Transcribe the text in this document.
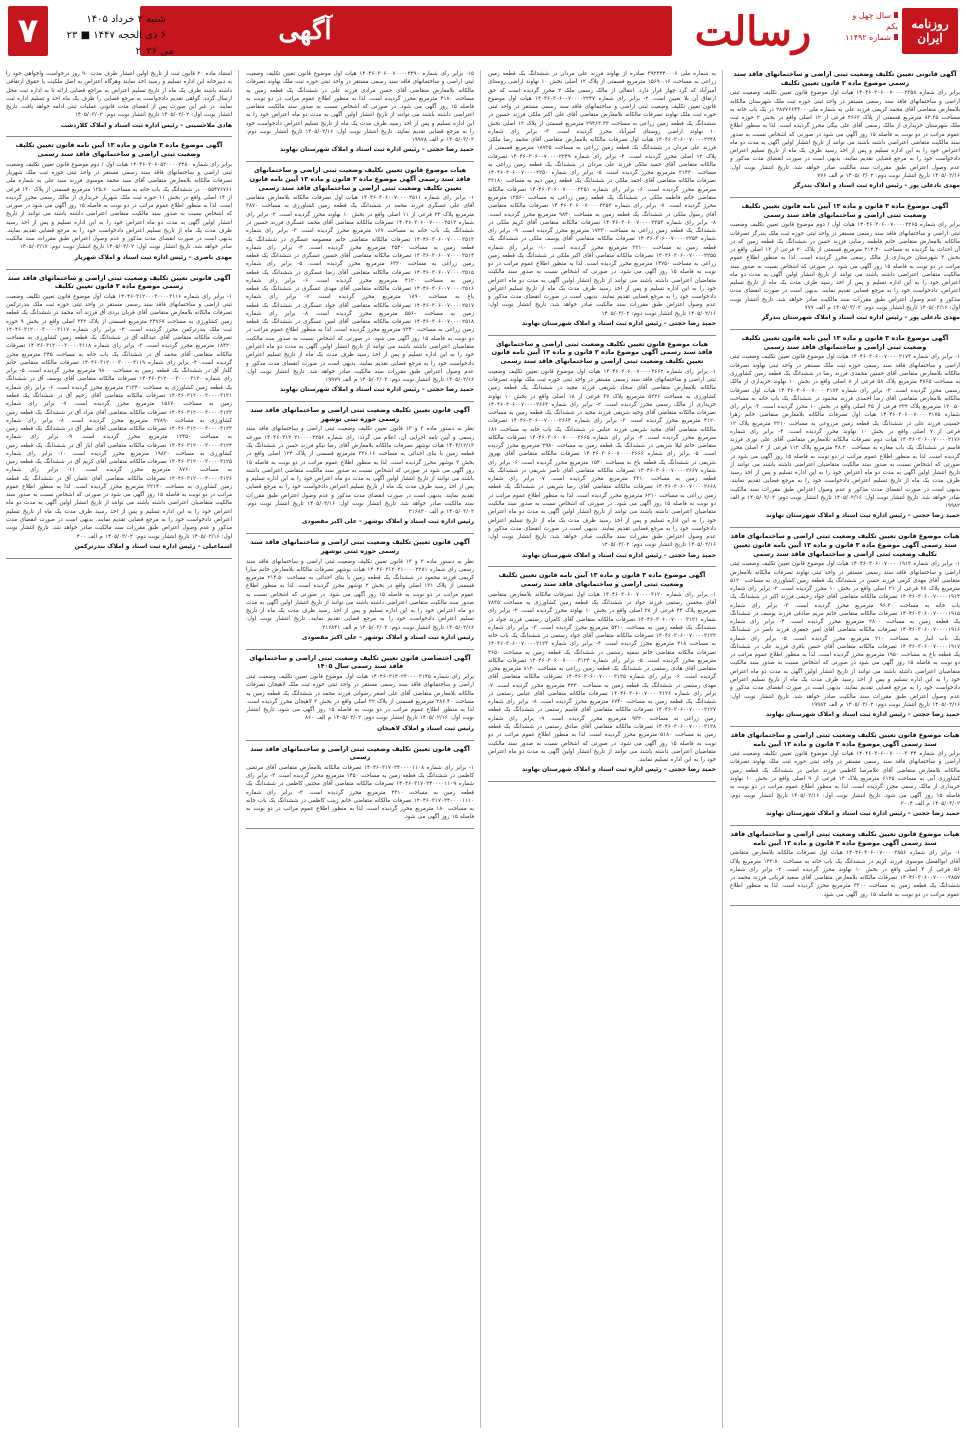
روزنامه
ایران
سال چهل و یکم
شماره ۱۱۴۹۲
رسالت
آگهی
شنبه ۲ خرداد ۱۴۰۵
۶ ذی الحجه ۱۴۴۷ ■ ۲۳ می ۲۰۲۶
۷
آگهی قانونی تعیین تکلیف وضعیت ثبتی اراضی و ساختمانهای فاقد سند رسمی موضوع ماده ۳ قانون تعیین تکلیف
برابر رای شماره ۱۴۰۴۶۰۳۰۶۰۰۷۰۰۰۰۲۳۵۸ هیات اول موضوع قانون تعیین تکلیف وضعیت ثبتی اراضی و ساختمانهای فاقد سند رسمی مستقر در واحد ثبتی حوزه ثبت ملک شهرستان مالکانه بلامعارض متقاضی آقای محمد کریمی فرزند علی به شماره ملی ۲۸۷۷۶۶۴۳۰۰ در یک باب خانه به مساحت ۸۳.۲۵ مترمربع قسمتی از پلاک ۴۶۶۲ فرعی از ۱۲ اصلی واقع در بخش ۲ حوزه ثبت ملک شهرستان خریداری از مالک رسمی آقای علی بیگی محرز گردیده است. لذا به منظور اطلاع عموم مراتب در دو نوبت به فاصله ۱۵ روز آگهی می شود در صورتی که اشخاص نسبت به صدور سند مالکیت متقاضی اعتراضی داشته باشند می توانند از تاریخ انتشار اولین آگهی به مدت دو ماه اعتراض خود را به این اداره تسلیم و پس از اخذ رسید ظرف یک ماه از تاریخ تسلیم اعتراض دادخواست خود را به مرجع قضایی تقدیم نمایند. بدیهی است در صورت انقضای مدت مذکور و عدم وصول اعتراض طبق مقررات سند مالکیت صادر خواهد شد. تاریخ انتشار نوبت اول: ۱۴۰۵/۰۲/۱۶ تاریخ انتشار نوبت دوم: ۱۴۰۵/۰۳/۰۲ م الف ۷۷۶
مهدی نادعلی پور – رئیس اداره ثبت اسناد و املاک بندرگز
آگهی موضوع ماده ۳ قانون و ماده ۱۳ آیین نامه قانون تعیین تکلیف وضعیت ثبتی اراضی و ساختمانهای فاقد سند رسمی
برابر رای شماره ۱۴۰۴۶۰۳۰۶۰۰۷۰۰۰۰۲۲۶۵ هیات اول / دوم موضوع قانون تعیین تکلیف وضعیت ثبتی اراضی و ساختمانهای فاقد سند رسمی مستقر در واحد ثبتی حوزه ثبت ملک بندرگز تصرفات مالکانه بلامعارض متقاضی خانم فاطمه رضایی فرزند حسن در ششدانگ یک قطعه زمین که در آن احداث بنا گردیده به مساحت ۲۱۲.۴۰ مترمربع قسمتی از پلاک ۲۰ فرعی از ۱۳ اصلی واقع در بخش ۳ شهرستان خریداری از مالک رسمی محرز گردیده است. لذا به منظور اطلاع عموم مراتب در دو نوبت به فاصله ۱۵ روز آگهی می شود. در صورتی که اشخاص نسبت به صدور سند مالکیت متقاضی اعتراضی داشته باشند می توانند از تاریخ انتشار اولین آگهی به مدت دو ماه اعتراض خود را به این اداره تسلیم و پس از اخذ رسید ظرف مدت یک ماه از تاریخ تسلیم اعتراض، دادخواست خود را به مرجع قضایی تقدیم نمایند. بدیهی است در صورت انقضای مدت مذکور و عدم وصول اعتراض طبق مقررات سند مالکیت صادر خواهد شد. تاریخ انتشار نوبت اول: ۱۴۰۵/۰۲/۱۶ تاریخ انتشار نوبت دوم: ۱۴۰۵/۰۳/۰۲ م الف ۷۷۷
مهدی نادعلی پور – رئیس اداره ثبت اسناد و املاک شهرستان بندرگز
آگهی موضوع ماده ۳ قانون و ماده ۱۳ آیین نامه قانون تعیین تکلیف وضعیت ثبتی اراضی و ساختمانهای فاقد سند رسمی
۱- برابر رای شماره ۱۴۰۴۶۰۳۰۶۰۰۷۰۰۰۰۲۱۷۳ هیات اول موضوع قانون تعیین تکلیف وضعیت ثبتی اراضی و ساختمانهای فاقد سند رسمی حوزه ثبت ملک مستقر در واحد ثبتی نهاوند تصرفات مالکانه بلامعارض متقاضی آقای حسین محمدی فرزند رضا در ششدانگ یک قطعه زمین کشاورزی به مساحت ۴۷۶۵ مترمربع پلاک ۵۸ فرعی از ۸ اصلی واقع در بخش ۱۰ نهاوند خریداری از مالک رسمی محرز گردیده است. ۲- برابر رای شماره ۱۴۰۴۶۰۳۰۶۰۰۷۰۰۰۰۲۱۷۴ هیات اول تصرفات مالکانه بلامعارض متقاضی آقای رضا احمدی فرزند محمود در ششدانگ یک باب خانه به مساحت ۱۲۰.۵۰ مترمربع پلاک ۲۳۴ فرعی از ۴۵ اصلی واقع در بخش ۱۰ محرز گردیده است. ۳- برابر رای شماره ۱۴۰۴۶۰۳۰۶۰۰۷۰۰۰۰۲۱۷۵ هیات اول تصرفات مالکانه بلامعارض متقاضی خانم زهرا حسینی فرزند علی در ششدانگ یک قطعه زمین مزروعی به مساحت ۳۲۱۰ مترمربع پلاک ۱۲ فرعی از ۷ اصلی واقع در بخش ۱۰ نهاوند محرز گردیده است. ۴- برابر رای شماره ۱۴۰۴۶۰۳۰۶۰۰۷۰۰۰۰۲۱۷۶ هیات دوم تصرفات مالکانه بلامعارض متقاضی آقای علی نوری فرزند قاسم در ششدانگ یک باب مغازه به مساحت ۴۸.۲۰ مترمربع پلاک ۱۱۲ فرعی از ۳ اصلی محرز گردیده است. لذا به منظور اطلاع عموم مراتب در دو نوبت به فاصله ۱۵ روز آگهی می شود در صورتی که اشخاص نسبت به صدور سند مالکیت متقاضیان اعتراضی داشته باشند می توانند از تاریخ انتشار اولین آگهی به مدت دو ماه اعتراض خود را به این اداره تسلیم و پس از اخذ رسید ظرف مدت یک ماه از تاریخ تسلیم اعتراض دادخواست خود را به مرجع قضایی تقدیم نمایند. بدیهی است در صورت انقضای مدت مذکور و عدم وصول اعتراض طبق مقررات سند مالکیت صادر خواهد شد. تاریخ انتشار نوبت اول: ۱۴۰۵/۰۲/۱۶ تاریخ انتشار نوبت دوم: ۱۴۰۵/۰۳/۰۲ م الف ۱۹۹۸۲
حمید رضا حجتی – رئیس اداره ثبت اسناد و املاک شهرستان نهاوند
هیات موضوع قانون تعیین تکلیف وضعیت ثبتی اراضی و ساختمانهای فاقد سند رسمی آگهی موضوع ماده ۳ قانون و ماده ۱۳ آیین نامه قانون تعیین تکلیف وضعیت ثبتی اراضی و ساختمانهای فاقد سند رسمی
۱- برابر رای شماره ۱۴۰۴۶۰۳۰۶۰۰۷۰۰۰۰۱۹۱۳ هیات اول موضوع قانون تعیین تکلیف وضعیت ثبتی اراضی و ساختمانهای فاقد سند رسمی مستقر در واحد ثبتی نهاوند تصرفات مالکانه بلامعارض متقاضی آقای مهدی کرمی فرزند حسن در ششدانگ یک قطعه زمین کشاورزی به مساحت ۵۱۲۰ مترمربع پلاک ۷۸ فرعی از ۲۱ اصلی واقع در بخش ۱۰ محرز گردیده است. ۲- برابر رای شماره ۱۴۰۴۶۰۳۰۶۰۰۷۰۰۰۰۱۹۱۴ تصرفات مالکانه متقاضی آقای جواد رحیمی فرزند اکبر در ششدانگ یک باب خانه به مساحت ۹۶.۳۰ مترمربع محرز گردیده است. ۳- برابر رای شماره ۱۴۰۴۶۰۳۰۶۰۰۷۰۰۰۰۱۹۱۵ تصرفات مالکانه متقاضی خانم مریم صادقی فرزند یوسف در ششدانگ یک قطعه زمین به مساحت ۲۸۰۰ مترمربع محرز گردیده است. ۴- برابر رای شماره ۱۴۰۴۶۰۳۰۶۰۰۷۰۰۰۰۱۹۱۶ تصرفات مالکانه متقاضی آقای امیر جعفری فرزند ناصر در ششدانگ یک باب انبار به مساحت ۲۱۰ مترمربع محرز گردیده است. ۵- برابر رای شماره ۱۴۰۴۶۰۳۰۶۰۰۷۰۰۰۰۱۹۱۷ تصرفات مالکانه متقاضی آقای حسن باقری فرزند علی در ششدانگ یک قطعه باغ به مساحت ۱۹۵۰ مترمربع محرز گردیده است. لذا به منظور اطلاع عموم مراتب در دو نوبت به فاصله ۱۵ روز آگهی می شود در صورتی که اشخاص نسبت به صدور سند مالکیت متقاضیان اعتراضی داشته باشند می توانند از تاریخ انتشار اولین آگهی به مدت دو ماه اعتراض خود را به این اداره تسلیم و پس از اخذ رسید ظرف مدت یک ماه از تاریخ تسلیم اعتراض دادخواست خود را به مرجع قضایی تقدیم نمایند. بدیهی است در صورت انقضای مدت مذکور و عدم وصول اعتراض طبق مقررات سند مالکیت صادر خواهد شد. تاریخ انتشار نوبت اول: ۱۴۰۵/۰۲/۱۶ تاریخ انتشار نوبت دوم: ۱۴۰۵/۰۳/۰۲ م الف ۱۹۹۸۳
حمید رضا حجتی – رئیس اداره ثبت اسناد و املاک شهرستان نهاوند
هیات موضوع قانون تعیین تکلیف وضعیت ثبتی اراضی و ساختمانهای فاقد سند رسمی آگهی موضوع ماده ۳ قانون و ماده ۱۳ آیین نامه
برابر رای شماره ۱۴۰۴۶۰۳۰۶۰۰۷۰۰۰۰۳۰۴۴ هیات اول موضوع قانون تعیین تکلیف وضعیت ثبتی اراضی و ساختمانهای فاقد سند رسمی مستقر در واحد ثبتی حوزه ثبت ملک نهاوند تصرفات مالکانه بلامعارض متقاضی آقای غلامرضا کاظمی فرزند عباس در ششدانگ یک قطعه زمین کشاورزی آبی به مساحت ۶۱۲۵ مترمربع پلاک ۱۴ فرعی از ۹ اصلی واقع در بخش ۱۰ نهاوند خریداری از مالک رسمی محرز گردیده است. لذا به منظور اطلاع عموم مراتب در دو نوبت به فاصله ۱۵ روز آگهی می شود. تاریخ انتشار نوبت اول: ۱۴۰۵/۰۲/۱۶ تاریخ انتشار نوبت دوم: ۱۴۰۵/۰۳/۰۲ م الف ۲۰۰۴
حمید رضا حجتی – رئیس اداره ثبت اسناد و املاک شهرستان نهاوند
هیات موضوع قانون تعیین تکلیف وضعیت ثبتی اراضی و ساختمانهای فاقد سند رسمی آگهی موضوع ماده ۳ قانون و ماده ۱۳ آیین نامه
۱- برابر رای شماره ۱۴۰۴۶۰۳۰۶۰۰۷۰۰۰۰۲۸۵۶ هیات اول تصرفات مالکانه بلامعارض متقاضی آقای ابوالفضل موسوی فرزند کریم در ششدانگ یک باب خانه به مساحت ۱۴۲.۸۰ مترمربع پلاک ۵۶ فرعی از ۴ اصلی واقع در بخش ۱۰ نهاوند محرز گردیده است. ۲- برابر رای شماره ۱۴۰۴۶۰۳۰۶۰۰۷۰۰۰۰۲۸۵۷ تصرفات مالکانه بلامعارض متقاضی آقای سعید قربانی فرزند محمد در ششدانگ یک قطعه زمین به مساحت ۳۳۰۰ مترمربع محرز گردیده است. لذا به منظور اطلاع عموم مراتب در دو نوبت به فاصله ۱۵ روز آگهی می شود.
به شماره ملی ۳۹۲۴۴۴۰۰۰۶ صادره از نهاوند فرزند علی مردان در ششدانگ یک قطعه زمین زراعی به مساحت ۱۵۶۹۰.۱۶ مترمربع قسمتی از پلاک ۱۲ اصلی بخش ۱۰ نهاوند اراضی روستای آمیرآباد که گرد چهار قرار دارد. انتقالی از مالک رسمی ملک ۲ محرز گردیده است که حق ارتفاق آن بلا تعیین است. ۲- برابر رای شماره ۱۴۰۴۶۰۳۰۶۰۰۷۰۰۰۰۲۲۴۷ هیات اول موضوع قانون تعیین تکلیف وضعیت ثبتی اراضی و ساختمانهای فاقد سند رسمی مستقر در واحد ثبتی حوزه ثبت ملک نهاوند تصرفات مالکانه بلامعارض متقاضی آقای علی اکبر ملکی فرزند حسین در ششدانگ یک قطعه زمین زراعی به مساحت ۲۹۴۶۳.۳۳ مترمربع قسمتی از پلاک ۱۲ اصلی بخش ۱۰ نهاوند اراضی روستای آمیرآباد محرز گردیده است. ۳- برابر رای شماره ۱۴۰۴۶۰۳۰۶۰۰۷۰۰۰۰۲۲۴۸ هیات اول تصرفات مالکانه بلامعارض متقاضی آقای محمد رضا ملکی فرزند علی مردان در ششدانگ یک قطعه زمین زراعی به مساحت ۱۸۷۲۵ مترمربع قسمتی از پلاک ۱۲ اصلی محرز گردیده است. ۴- برابر رای شماره ۱۴۰۴۶۰۳۰۶۰۰۷۰۰۰۰۲۲۴۹ تصرفات مالکانه متقاضی آقای حمید ملکی فرزند علی مردان در ششدانگ یک قطعه زمین زراعی به مساحت ۲۱۴۳۰ مترمربع محرز گردیده است. ۵- برابر رای شماره ۱۴۰۴۶۰۳۰۶۰۰۷۰۰۰۰۲۲۵۰ تصرفات مالکانه متقاضی آقای احمد ملکی در ششدانگ یک قطعه زمین دیم به مساحت ۳۲۱۸۰ مترمربع محرز گردیده است. ۶- برابر رای شماره ۱۴۰۴۶۰۳۰۶۰۰۷۰۰۰۰۲۲۵۱ تصرفات مالکانه متقاضی خانم فاطمه ملکی در ششدانگ یک قطعه زمین زراعی به مساحت ۱۲۵۶۰ مترمربع محرز گردیده است. ۷- برابر رای شماره ۱۴۰۴۶۰۳۰۶۰۰۷۰۰۰۰۲۲۵۲ تصرفات مالکانه متقاضی آقای رسول ملکی در ششدانگ یک قطعه زمین به مساحت ۹۸۴۰ مترمربع محرز گردیده است. ۸- برابر رای شماره ۱۴۰۴۶۰۳۰۶۰۰۷۰۰۰۰۲۲۵۳ تصرفات مالکانه متقاضی آقای کریم ملکی در ششدانگ یک قطعه زمین زراعی به مساحت ۱۷۲۳۰ مترمربع محرز گردیده است. ۹- برابر رای شماره ۱۴۰۴۶۰۳۰۶۰۰۷۰۰۰۰۲۲۵۴ تصرفات مالکانه متقاضی آقای یوسف ملکی در ششدانگ یک قطعه زمین به مساحت ۲۲۱۰۰ مترمربع محرز گردیده است. ۱۰- برابر رای شماره ۱۴۰۴۶۰۳۰۶۰۰۷۰۰۰۰۲۲۵۵ تصرفات مالکانه متقاضی آقای اکبر ملکی در ششدانگ یک قطعه زمین زراعی به مساحت ۱۴۷۵۰ مترمربع محرز گردیده است. لذا به منظور اطلاع عموم مراتب در دو نوبت به فاصله ۱۵ روز آگهی می شود. در صورتی که اشخاص نسبت به صدور سند مالکیت متقاضیان اعتراضی داشته باشند می توانند از تاریخ انتشار اولین آگهی به مدت دو ماه اعتراض خود را به این اداره تسلیم و پس از اخذ رسید ظرف مدت یک ماه از تاریخ تسلیم اعتراض دادخواست خود را به مرجع قضایی تقدیم نمایند. بدیهی است در صورت انقضای مدت مذکور و عدم وصول اعتراض طبق مقررات سند مالکیت صادر خواهد شد. تاریخ انتشار نوبت اول: ۱۴۰۵/۰۲/۱۶ تاریخ انتشار نوبت دوم: ۱۴۰۵/۰۳/۰۲
حمید رضا حجتی – رئیس اداره ثبت اسناد و املاک شهرستان نهاوند
هیات موضوع قانون تعیین تکلیف وضعیت ثبتی اراضی و ساختمانهای فاقد سند رسمی آگهی موضوع ماده ۳ قانون و ماده ۱۳ آیین نامه قانون تعیین تکلیف وضعیت ثبتی اراضی و ساختمانهای فاقد سند رسمی
۱- برابر رای شماره ۱۴۰۴۶۰۳۰۶۰۰۷۰۰۰۰۲۶۶۲ هیات اول موضوع قانون تعیین تکلیف وضعیت ثبتی اراضی و ساختمانهای فاقد سند رسمی مستقر در واحد ثبتی حوزه ثبت ملک نهاوند تصرفات مالکانه بلامعارض متقاضی آقای سجاد شریفی فرزند مجید در ششدانگ یک قطعه زمین کشاورزی به مساحت ۵۲۳۶ مترمربع پلاک ۳۷ فرعی از ۱۸ اصلی واقع در بخش ۱۰ نهاوند خریداری از مالک رسمی محرز گردیده است. ۲- برابر رای شماره ۱۴۰۴۶۰۳۰۶۰۰۷۰۰۰۰۲۶۶۳ تصرفات مالکانه متقاضی آقای وحید شریفی فرزند مجید در ششدانگ یک قطعه زمین به مساحت ۴۱۲۰ مترمربع محرز گردیده است. ۳- برابر رای شماره ۱۴۰۴۶۰۳۰۶۰۰۷۰۰۰۰۲۶۶۴ تصرفات مالکانه متقاضی آقای مجید شریفی فرزند عباس در ششدانگ یک باب خانه به مساحت ۱۸۶ مترمربع محرز گردیده است. ۴- برابر رای شماره ۱۴۰۴۶۰۳۰۶۰۰۷۰۰۰۰۲۶۶۵ تصرفات مالکانه متقاضی خانم لیلا شریفی در ششدانگ یک قطعه زمین به مساحت ۲۹۸۰ مترمربع محرز گردیده است. ۵- برابر رای شماره ۱۴۰۴۶۰۳۰۶۰۰۷۰۰۰۰۲۶۶۶ تصرفات مالکانه متقاضی آقای بهروز شریفی در ششدانگ یک قطعه باغ به مساحت ۱۵۴۰ مترمربع محرز گردیده است. ۶- برابر رای شماره ۱۴۰۴۶۰۳۰۶۰۰۷۰۰۰۰۲۶۶۷ تصرفات مالکانه متقاضی آقای ناصر شریفی در ششدانگ یک قطعه زمین به مساحت ۳۳۱۰ مترمربع محرز گردیده است. ۷- برابر رای شماره ۱۴۰۴۶۰۳۰۶۰۰۷۰۰۰۰۲۶۶۸ تصرفات مالکانه متقاضی آقای رضا شریفی در ششدانگ یک قطعه زمین زراعی به مساحت ۶۲۱۰ مترمربع محرز گردیده است. لذا به منظور اطلاع عموم مراتب در دو نوبت به فاصله ۱۵ روز آگهی می شود. در صورتی که اشخاص نسبت به صدور سند مالکیت متقاضیان اعتراضی داشته باشند می توانند از تاریخ انتشار اولین آگهی به مدت دو ماه اعتراض خود را به این اداره تسلیم و پس از اخذ رسید ظرف مدت یک ماه از تاریخ تسلیم اعتراض دادخواست خود را به مرجع قضایی تقدیم نمایند. بدیهی است در صورت انقضای مدت مذکور و عدم وصول اعتراض طبق مقررات سند مالکیت صادر خواهد شد. تاریخ انتشار نوبت اول: ۱۴۰۵/۰۲/۱۶ تاریخ انتشار نوبت دوم: ۱۴۰۵/۰۳/۰۲
حمید رضا حجتی – رئیس اداره ثبت اسناد و املاک شهرستان نهاوند
آگهی موضوع ماده ۳ قانون و ماده ۱۳ آیین نامه قانون تعیین تکلیف وضعیت ثبتی اراضی و ساختمانهای فاقد سند رسمی
۱- برابر رای شماره ۱۴۰۴۶۰۳۰۶۰۰۷۰۰۰۰۳۱۲۰ هیات اول تصرفات مالکانه بلامعارض متقاضی آقای محسن رستمی فرزند جواد در ششدانگ یک قطعه زمین کشاورزی به مساحت ۷۸۴۵ مترمربع پلاک ۴۴ فرعی از ۲۸ اصلی واقع در بخش ۱۰ نهاوند محرز گردیده است. ۲- برابر رای شماره ۱۴۰۴۶۰۳۰۶۰۰۷۰۰۰۰۳۱۲۱ تصرفات مالکانه متقاضی آقای کامران رستمی فرزند جواد در ششدانگ یک قطعه زمین به مساحت ۵۴۱۰ مترمربع محرز گردیده است. ۳- برابر رای شماره ۱۴۰۴۶۰۳۰۶۰۰۷۰۰۰۰۳۱۲۲ تصرفات مالکانه متقاضی آقای جواد رستمی در ششدانگ یک باب خانه به مساحت ۲۱۸ مترمربع محرز گردیده است. ۴- برابر رای شماره ۱۴۰۴۶۰۳۰۶۰۰۷۰۰۰۰۳۱۲۳ تصرفات مالکانه متقاضی خانم سمیه رستمی در ششدانگ یک قطعه زمین به مساحت ۳۶۵۰ مترمربع محرز گردیده است. ۵- برابر رای شماره ۱۴۰۴۶۰۳۰۶۰۰۷۰۰۰۰۳۱۲۴ تصرفات مالکانه متقاضی آقای هادی رستمی در ششدانگ یک قطعه زمین زراعی به مساحت ۸۱۲۰ مترمربع محرز گردیده است. ۶- برابر رای شماره ۱۴۰۴۶۰۳۰۶۰۰۷۰۰۰۰۳۱۲۵ تصرفات مالکانه متقاضی آقای مهدی رستمی در ششدانگ یک قطعه زمین به مساحت ۴۲۳۰ مترمربع محرز گردیده است. ۷- برابر رای شماره ۱۴۰۴۶۰۳۰۶۰۰۷۰۰۰۰۳۱۲۶ تصرفات مالکانه متقاضی آقای عباس رستمی در ششدانگ یک قطعه زمین به مساحت ۶۷۴۰ مترمربع محرز گردیده است. ۸- برابر رای شماره ۱۴۰۴۶۰۳۰۶۰۰۷۰۰۰۰۳۱۲۷ تصرفات مالکانه متقاضی آقای قاسم رستمی در ششدانگ یک قطعه زمین زراعی به مساحت ۹۳۲۰ مترمربع محرز گردیده است. ۹- برابر رای شماره ۱۴۰۴۶۰۳۰۶۰۰۷۰۰۰۰۳۱۲۸ تصرفات مالکانه متقاضی آقای صادق رستمی در ششدانگ یک قطعه زمین به مساحت ۵۱۸۰ مترمربع محرز گردیده است. لذا به منظور اطلاع عموم مراتب در دو نوبت به فاصله ۱۵ روز آگهی می شود. در صورتی که اشخاص نسبت به صدور سند مالکیت متقاضیان اعتراضی داشته باشند می توانند از تاریخ انتشار اولین آگهی به مدت دو ماه اعتراض خود را به این اداره تسلیم نمایند.
حمید رضا حجتی – رئیس اداره ثبت اسناد و املاک شهرستان نهاوند
۱۵- برابر رای شماره ۱۴۰۴۶۰۳۰۶۰۰۷۰۰۰۰۲۴۹۰ هیات اول موضوع قانون تعیین تکلیف وضعیت ثبتی اراضی و ساختمانهای فاقد سند رسمی مستقر در واحد ثبتی حوزه ثبت ملک نهاوند تصرفات مالکانه بلامعارض متقاضی آقای حسن مرادی فرزند علی در ششدانگ یک قطعه زمین به مساحت ۴۱۸۰ مترمربع محرز گردیده است. لذا به منظور اطلاع عموم مراتب در دو نوبت به فاصله ۱۵ روز آگهی می شود. در صورتی که اشخاص نسبت به صدور سند مالکیت متقاضی اعتراضی داشته باشند می توانند از تاریخ انتشار اولین آگهی به مدت دو ماه اعتراض خود را به این اداره تسلیم و پس از اخذ رسید ظرف مدت یک ماه از تاریخ تسلیم اعتراض دادخواست خود را به مرجع قضایی تقدیم نمایند. تاریخ انتشار نوبت اول: ۱۴۰۵/۰۲/۱۶ تاریخ انتشار نوبت دوم: ۱۴۰۵/۰۳/۰۲ م الف ۱۹۹۷۸
حمید رضا حجتی – رئیس اداره ثبت اسناد و املاک شهرستان نهاوند
هیات موضوع قانون تعیین تکلیف وضعیت ثبتی اراضی و ساختمانهای فاقد سند رسمی آگهی موضوع ماده ۳ قانون و ماده ۱۳ آیین نامه قانون تعیین تکلیف وضعیت ثبتی اراضی و ساختمانهای فاقد سند رسمی
۱- برابر رای شماره ۱۴۰۴۶۰۳۰۶۰۰۷۰۰۰۰۲۵۱۱ هیات اول تصرفات مالکانه بلامعارض متقاضی آقای علی عسگری فرزند محمد در ششدانگ یک قطعه زمین کشاورزی به مساحت ۳۸۷۰ مترمربع پلاک ۲۲ فرعی از ۱۱ اصلی واقع در بخش ۱۰ نهاوند محرز گردیده است. ۲- برابر رای شماره ۱۴۰۴۶۰۳۰۶۰۰۷۰۰۰۰۲۵۱۲ تصرفات مالکانه متقاضی آقای محمد عسگری فرزند حسین در ششدانگ یک باب خانه به مساحت ۱۶۷ مترمربع محرز گردیده است. ۳- برابر رای شماره ۱۴۰۴۶۰۳۰۶۰۰۷۰۰۰۰۲۵۱۳ تصرفات مالکانه متقاضی خانم معصومه عسگری در ششدانگ یک قطعه زمین به مساحت ۲۵۴۰ مترمربع محرز گردیده است. ۴- برابر رای شماره ۱۴۰۴۶۰۳۰۶۰۰۷۰۰۰۰۲۵۱۴ تصرفات مالکانه متقاضی آقای حسین عسگری در ششدانگ یک قطعه زمین زراعی به مساحت ۶۳۲۰ مترمربع محرز گردیده است. ۵- برابر رای شماره ۱۴۰۴۶۰۳۰۶۰۰۷۰۰۰۰۲۵۱۵ تصرفات مالکانه متقاضی آقای رضا عسگری در ششدانگ یک قطعه زمین به مساحت ۴۱۲۰ مترمربع محرز گردیده است. ۶- برابر رای شماره ۱۴۰۴۶۰۳۰۶۰۰۷۰۰۰۰۲۵۱۶ تصرفات مالکانه متقاضی آقای مهدی عسگری در ششدانگ یک قطعه باغ به مساحت ۱۸۹۰ مترمربع محرز گردیده است. ۷- برابر رای شماره ۱۴۰۴۶۰۳۰۶۰۰۷۰۰۰۰۲۵۱۷ تصرفات مالکانه متقاضی آقای جواد عسگری در ششدانگ یک قطعه زمین به مساحت ۵۵۶۰ مترمربع محرز گردیده است. ۸- برابر رای شماره ۱۴۰۴۶۰۳۰۶۰۰۷۰۰۰۰۲۵۱۸ تصرفات مالکانه متقاضی آقای امین عسگری در ششدانگ یک قطعه زمین زراعی به مساحت ۷۲۴۰ مترمربع محرز گردیده است. لذا به منظور اطلاع عموم مراتب در دو نوبت به فاصله ۱۵ روز آگهی می شود. در صورتی که اشخاص نسبت به صدور سند مالکیت متقاضیان اعتراضی داشته باشند می توانند از تاریخ انتشار اولین آگهی به مدت دو ماه اعتراض خود را به این اداره تسلیم و پس از اخذ رسید ظرف مدت یک ماه از تاریخ تسلیم اعتراض دادخواست خود را به مرجع قضایی تقدیم نمایند. بدیهی است در صورت انقضای مدت مذکور و عدم وصول اعتراض طبق مقررات سند مالکیت صادر خواهد شد. تاریخ انتشار نوبت اول: ۱۴۰۵/۰۲/۱۶ تاریخ انتشار نوبت دوم: ۱۴۰۵/۰۳/۰۲ م الف ۱۹۹۷۹
حمید رضا حجتی – رئیس اداره ثبت اسناد و املاک شهرستان نهاوند
آگهی قانون تعیین تکلیف وضعیت ثبتی اراضی و ساختمانهای فاقد سند رسمی حوزه ثبتی نوشهر
نظر به دستور ماده ۳ و ۱۳ قانون تعیین تکلیف وضعیت ثبتی اراضی و ساختمانهای فاقد سند رسمی و آیین نامه اجرایی آن، اعلام می گردد: رای شماره ۱۴۰۴۶۰۳۱۲۰۲۱۰۰۰۰۲۲۵۶ مورخه ۱۴۰۴/۱۲/۱۳ هیات نوشهر تصرفات مالکانه بلامعارض آقای رضا نیکو فرزند حسن در ششدانگ یک قطعه زمین با بنای احداثی به مساحت ۳۲۶.۱۶ مترمربع قسمتی از پلاک ۱۲۴ اصلی واقع در بخش ۲ نوشهر محرز گردیده است. لذا به منظور اطلاع عموم مراتب در دو نوبت به فاصله ۱۵ روز آگهی می شود در صورتی که اشخاص نسبت به صدور سند مالکیت متقاضی اعتراضی داشته باشند می توانند از تاریخ انتشار اولین آگهی به مدت دو ماه اعتراض خود را به این اداره تسلیم و پس از اخذ رسید ظرف مدت یک ماه از تاریخ تسلیم اعتراض دادخواست خود را به مرجع قضایی تقدیم نمایند. بدیهی است در صورت انقضای مدت مذکور و عدم وصول اعتراض طبق مقررات سند مالکیت صادر خواهد شد. تاریخ انتشار نوبت اول: ۱۴۰۵/۰۲/۱۶ تاریخ انتشار نوبت دوم: ۱۴۰۵/۰۳/۰۲ م الف ۲۱۶۸۳۰
رئیس اداره ثبت اسناد و املاک نوشهر – علی اکبر مقصودی
آگهی قانون تعیین تکلیف وضعیت ثبتی اراضی و ساختمانهای فاقد سند رسمی حوزه ثبتی نوشهر
نظر به دستور ماده ۳ و ۱۳ قانون تعیین تکلیف وضعیت ثبتی اراضی و ساختمانهای فاقد سند رسمی رای شماره ۱۴۰۴۶۰۳۱۲۰۲۱۰۰۰۰۲۲۸۱ هیات نوشهر تصرفات مالکانه بلامعارض خانم سارا کریمی فرزند محمود در ششدانگ یک قطعه زمین با بنای احداثی به مساحت ۲۱۴.۵۰ مترمربع قسمتی از پلاک ۱۳۱ اصلی واقع در بخش ۲ نوشهر محرز گردیده است. لذا به منظور اطلاع عموم مراتب در دو نوبت به فاصله ۱۵ روز آگهی می شود. در صورتی که اشخاص نسبت به صدور سند مالکیت متقاضی اعتراضی داشته باشند می توانند از تاریخ انتشار اولین آگهی به مدت دو ماه اعتراض خود را به این اداره تسلیم و پس از اخذ رسید ظرف مدت یک ماه از تاریخ تسلیم اعتراض دادخواست خود را به مرجع قضایی تقدیم نمایند. تاریخ انتشار نوبت اول: ۱۴۰۵/۰۲/۱۶ تاریخ انتشار نوبت دوم: ۱۴۰۵/۰۳/۰۲ م الف ۲۱۶۸۴۱
رئیس اداره ثبت اسناد و املاک نوشهر – علی اکبر مقصودی
آگهی اختصاصی قانون تعیین تکلیف وضعیت ثبتی اراضی و ساختمانهای فاقد سند رسمی سال ۱۴۰۵
برابر رای شماره ۱۴۰۴۶۰۳۱۴۰۲۳۰۰۰۰۲۱۴۵ هیات اول موضوع قانون تعیین تکلیف وضعیت ثبتی اراضی و ساختمانهای فاقد سند رسمی مستقر در واحد ثبتی حوزه ثبت ملک لاهیجان تصرفات مالکانه بلامعارض متقاضی آقای علی اصغر رضوانی فرزند محمد در ششدانگ یک قطعه زمین به مساحت ۲۸۶.۴۰ مترمربع قسمتی از پلاک ۳۲ اصلی واقع در بخش ۳ لاهیجان محرز گردیده است. لذا به منظور اطلاع عموم مراتب در دو نوبت به فاصله ۱۵ روز آگهی می شود. تاریخ انتشار نوبت اول: ۱۴۰۵/۰۲/۱۶ تاریخ انتشار نوبت دوم: ۱۴۰۵/۰۳/۰۲ م الف ۸۶۰
رئیس ثبت اسناد و املاک لاهیجان
آگهی قانون تعیین تکلیف وضعیت ثبتی اراضی و ساختمانهای فاقد سند رسمی
۱- برابر رای شماره ۱۴۰۴۶۰۳۱۷۰۲۴۰۰۰۰۱۱۰۸ تصرفات مالکانه بلامعارض متقاضی آقای مرتضی کاظمی در ششدانگ یک قطعه زمین به مساحت ۱۴۵۰ مترمربع محرز گردیده است. ۲- برابر رای شماره ۱۴۰۴۶۰۳۱۷۰۲۴۰۰۰۰۱۱۰۹ تصرفات مالکانه متقاضی آقای مجتبی کاظمی در ششدانگ یک قطعه زمین به مساحت ۲۳۱۰ مترمربع محرز گردیده است. ۳- برابر رای شماره ۱۴۰۴۶۰۳۱۷۰۲۴۰۰۰۰۱۱۱۰ تصرفات مالکانه متقاضی خانم زینب کاظمی در ششدانگ یک باب خانه به مساحت ۱۸۰ مترمربع محرز گردیده است. لذا به منظور اطلاع عموم مراتب در دو نوبت به فاصله ۱۵ روز آگهی می شود.
استناد ماده ۲۰ قانون ثبت از تاریخ اولین انتشار ظرف مدت ۹۰ روز درخواست واخواهی خود را به دبیرخانه این اداره تسلیم و رسید اخذ نمایند وهرگاه اعتراض به اصل ملکیت یا حقوق ارتفاقی داشته باشند ظرف یک ماه از تاریخ تسلیم اعتراض به مراجع قضایی ارائه تا به اداره ثبت محل ارسال گردد. گواهی تقدیم دادخواست به مرجع قضایی را ظرف یک ماه اخذ و تسلیم اداره ثبت نمایند. در غیر این صورت پس از انقضای مدت قانونی عملیات ثبتی ادامه خواهد یافت. تاریخ انتشار نوبت اول: ۱۴۰۵/۰۲/۰۲ تاریخ انتشار نوبت دوم: ۱۴۰۵/۰۳/۰۲
هادی ملاحسینی – رئیس اداره ثبت اسناد و املاک کلاردشت
آگهی موضوع ماده ۳ قانون و ماده ۱۳ آیین نامه قانون تعیین تکلیف وضعیت ثبتی اراضی و ساختمانهای فاقد سند رسمی
برابر رای شماره ۱۴۰۴۶۰۳۰۶۰۵۲۰۰۰۰۲۴۸۰ هیات اول / دوم موضوع قانون تعیین تکلیف وضعیت ثبتی اراضی و ساختمانهای فاقد سند رسمی مستقر در واحد ثبتی حوزه ثبت ملک شهریار تصرفات مالکانه بلامعارض متقاضی آقای سید محمد موسوی فرزند سید علی به شماره ملی ۰۰۵۵۴۷۶۷۶۱ در ششدانگ یک باب خانه به مساحت ۱۳۵.۶۰ مترمربع قسمتی از پلاک ۱۳۰ فرعی از ۱۴ اصلی واقع در بخش ۱۱ حوزه ثبت ملک شهریار خریداری از مالک رسمی محرز گردیده است. لذا به منظور اطلاع عموم مراتب در دو نوبت به فاصله ۱۵ روز آگهی می شود در صورتی که اشخاص نسبت به صدور سند مالکیت متقاضی اعتراضی داشته باشند می توانند از تاریخ انتشار اولین آگهی به مدت دو ماه اعتراض خود را به این اداره تسلیم و پس از اخذ رسید ظرف مدت یک ماه از تاریخ تسلیم اعتراض دادخواست خود را به مرجع قضایی تقدیم نمایند. بدیهی است در صورت انقضای مدت مذکور و عدم وصول اعتراض طبق مقررات سند مالکیت صادر خواهد شد. تاریخ انتشار نوبت اول: ۱۴۰۵/۰۳/۰۲ تاریخ انتشار نوبت دوم: ۱۴۰۵/۰۳/۱۷
مهدی ناصری – رئیس اداره ثبت اسناد و املاک شهریار
آگهی قانونی تعیین تکلیف وضعیت ثبتی اراضی و ساختمانهای فاقد سند رسمی موضوع ماده ۳ قانون تعیین تکلیف
۱- برابر رای شماره ۱۴۰۴۶۰۳۱۲۰۰۰۳۰۰۰۰۳۱۱۶ هیات اول موضوع قانون تعیین تکلیف وضعیت ثبتی اراضی و ساختمانهای فاقد سند رسمی مستقر در واحد ثبتی حوزه ثبت ملک بندرترکمن تصرفات مالکانه بلامعارض متقاضی آقای قربان بردی آق فرزند آنه محمد در ششدانگ یک قطعه زمین کشاورزی به مساحت ۲۴۷۶۷ مترمربع قسمتی از پلاک ۳۳۲ اصلی واقع در بخش ۹ حوزه ثبت ملک بندرترکمن محرز گردیده است. ۲- برابر رای شماره ۱۴۰۴۶۰۳۱۲۰۰۰۳۰۰۰۰۳۱۱۷ تصرفات مالکانه متقاضی آقای عبدالله آق در ششدانگ یک قطعه زمین کشاورزی به مساحت ۱۸۴۲۰ مترمربع محرز گردیده است. ۳- برابر رای شماره ۱۴۰۴۶۰۳۱۲۰۰۰۳۰۰۰۰۳۱۱۸ تصرفات مالکانه متقاضی آقای محمد آق در ششدانگ یک باب خانه به مساحت ۲۴۵ مترمربع محرز گردیده است. ۴- برابر رای شماره ۱۴۰۴۶۰۳۱۲۰۰۰۳۰۰۰۰۳۱۱۹ تصرفات مالکانه متقاضی خانم گلناز آق در ششدانگ یک قطعه زمین به مساحت ۹۸۰۰ مترمربع محرز گردیده است. ۵- برابر رای شماره ۱۴۰۴۶۰۳۱۲۰۰۰۳۰۰۰۰۳۱۲۰ تصرفات مالکانه متقاضی آقای یوسف آق در ششدانگ یک قطعه زمین کشاورزی به مساحت ۲۱۳۴۰ مترمربع محرز گردیده است. ۶- برابر رای شماره ۱۴۰۴۶۰۳۱۲۰۰۰۳۰۰۰۰۳۱۲۱ تصرفات مالکانه متقاضی آقای رحیم آق در ششدانگ یک قطعه زمین به مساحت ۱۵۶۷۰ مترمربع محرز گردیده است. ۷- برابر رای شماره ۱۴۰۴۶۰۳۱۲۰۰۰۳۰۰۰۰۳۱۲۲ تصرفات مالکانه متقاضی آقای مراد آق در ششدانگ یک قطعه زمین کشاورزی به مساحت ۲۷۸۹۰ مترمربع محرز گردیده است. ۸- برابر رای شماره ۱۴۰۴۶۰۳۱۲۰۰۰۳۰۰۰۰۳۱۲۳ تصرفات مالکانه متقاضی آقای نظر آق در ششدانگ یک قطعه زمین به مساحت ۱۲۴۵۰ مترمربع محرز گردیده است. ۹- برابر رای شماره ۱۴۰۴۶۰۳۱۲۰۰۰۳۰۰۰۰۳۱۲۴ تصرفات مالکانه متقاضی آقای ایاز آق در ششدانگ یک قطعه زمین کشاورزی به مساحت ۱۹۸۳۰ مترمربع محرز گردیده است. ۱۰- برابر رای شماره ۱۴۰۴۶۰۳۱۲۰۰۰۳۰۰۰۰۳۱۲۵ تصرفات مالکانه متقاضی آقای کریم آق در ششدانگ یک قطعه زمین به مساحت ۸۷۶۰ مترمربع محرز گردیده است. ۱۱- برابر رای شماره ۱۴۰۴۶۰۳۱۲۰۰۰۳۰۰۰۰۳۱۲۶ تصرفات مالکانه متقاضی آقای عثمان آق در ششدانگ یک قطعه زمین کشاورزی به مساحت ۲۲۱۴۰ مترمربع محرز گردیده است. لذا به منظور اطلاع عموم مراتب در دو نوبت به فاصله ۱۵ روز آگهی می شود در صورتی که اشخاص نسبت به صدور سند مالکیت متقاضیان اعتراضی داشته باشند می توانند از تاریخ انتشار اولین آگهی به مدت دو ماه اعتراض خود را به این اداره تسلیم و پس از اخذ رسید ظرف مدت یک ماه از تاریخ تسلیم اعتراض دادخواست خود را به مرجع قضایی تقدیم نمایند. بدیهی است در صورت انقضای مدت مذکور و عدم وصول اعتراض طبق مقررات سند مالکیت صادر خواهد شد. تاریخ انتشار نوبت اول: ۱۴۰۵/۰۲/۱۶ تاریخ انتشار نوبت دوم: ۱۴۰۵/۰۳/۰۲ م الف ۴۰۰
اسماعیلی – رئیس اداره ثبت اسناد و املاک بندرترکمن
